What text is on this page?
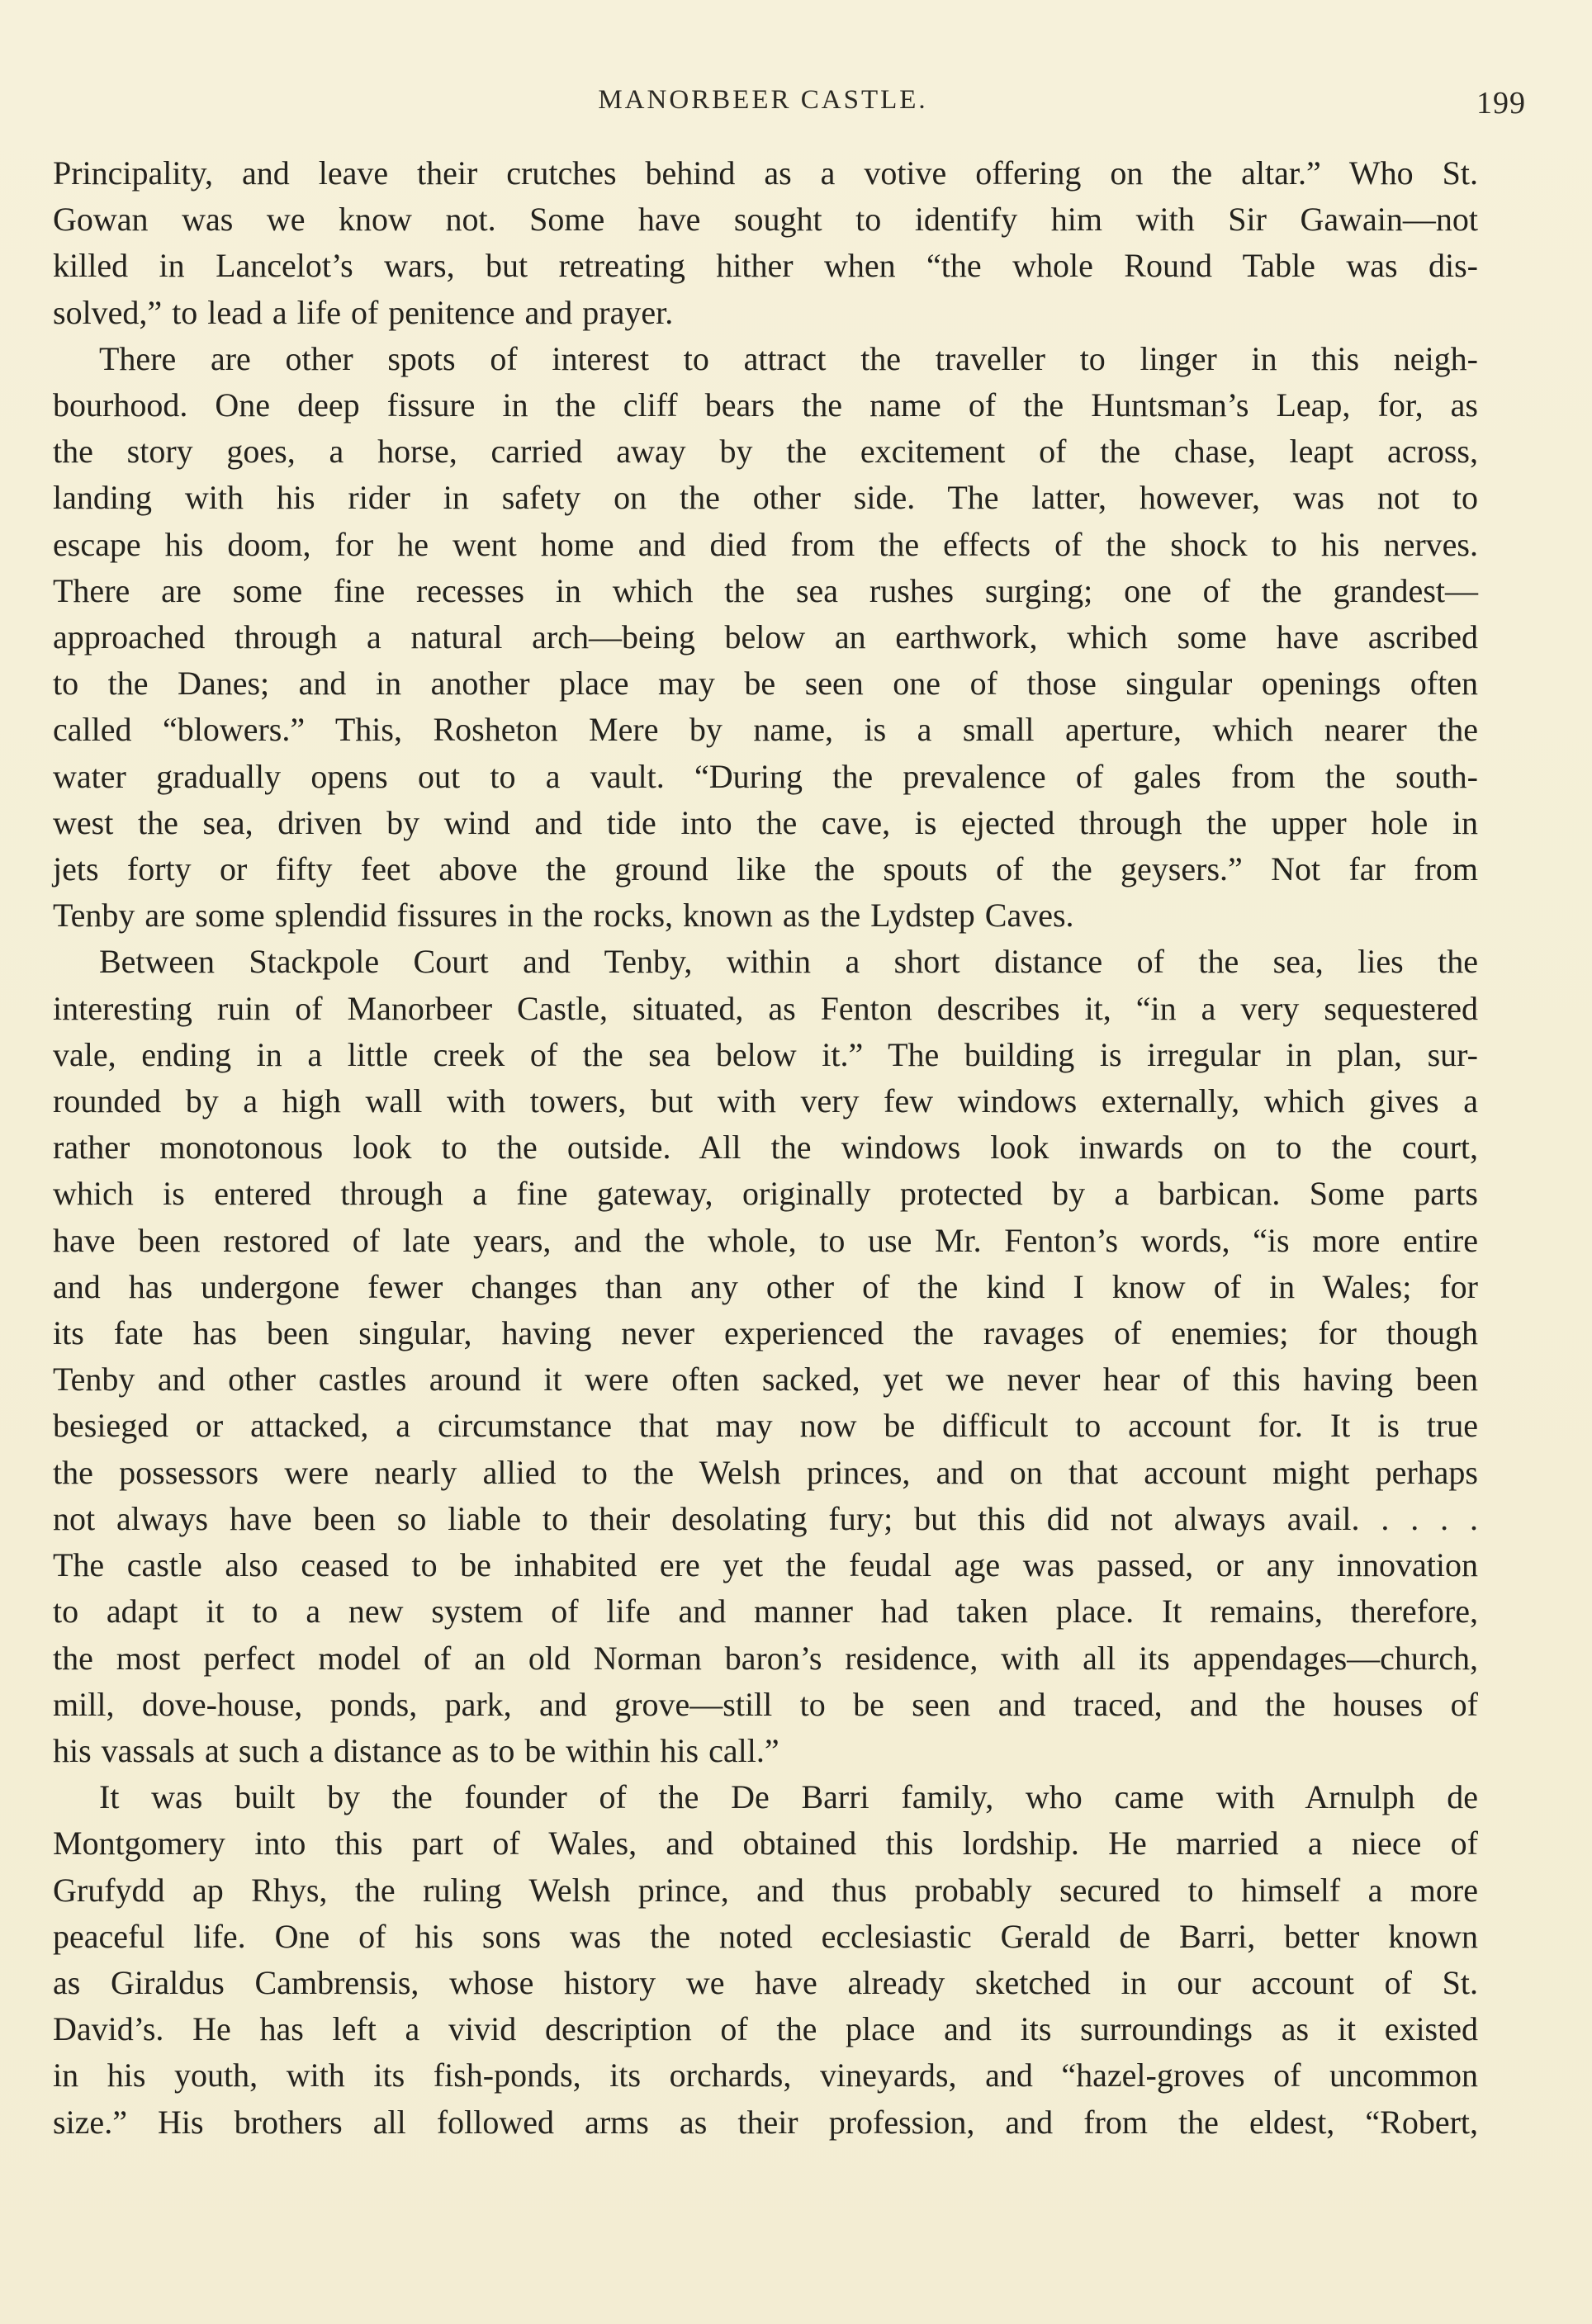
MANORBEER CASTLE.	199
Principality, and leave their crutches behind as a votive offering on the altar.” Who St.
Gowan was we know not. Some have sought to identify him with Sir Gawain—not
killed in Lancelot’s wars, but retreating hither when “the whole Round Table was dis-
solved,” to lead a life of penitence and prayer.
There are other spots of interest to attract the traveller to linger in this neigh-
bourhood. One deep fissure in the cliff bears the name of the Huntsman’s Leap, for, as
the story goes, a horse, carried away by the excitement of the chase, leapt across,
landing with his rider in safety on the other side. The latter, however, was not to
escape his doom, for he went home and died from the effects of the shock to his nerves.
There are some fine recesses in which the sea rushes surging; one of the grandest—
approached through a natural arch—being below an earthwork, which some have ascribed
to the Danes; and in another place may be seen one of those singular openings often
called “blowers.” This, Rosheton Mere by name, is a small aperture, which nearer the
water gradually opens out to a vault. “During the prevalence of gales from the south-
west the sea, driven by wind and tide into the cave, is ejected through the upper hole in
jets forty or fifty feet above the ground like the spouts of the geysers.” Not far from
Tenby are some splendid fissures in the rocks, known as the Lydstep Caves.
Between Stackpole Court and Tenby, within a short distance of the sea, lies the
interesting ruin of Manorbeer Castle, situated, as Fenton describes it, “in a very sequestered
vale, ending in a little creek of the sea below it.” The building is irregular in plan, sur-
rounded by a high wall with towers, but with very few windows externally, which gives a
rather monotonous look to the outside. All the windows look inwards on to the court,
which is entered through a fine gateway, originally protected by a barbican. Some parts
have been restored of late years, and the whole, to use Mr. Fenton’s words, “is more entire
and has undergone fewer changes than any other of the kind I know of in Wales; for
its fate has been singular, having never experienced the ravages of enemies; for though
Tenby and other castles around it were often sacked, yet we never hear of this having been
besieged or attacked, a circumstance that may now be difficult to account for. It is true
the possessors were nearly allied to the Welsh princes, and on that account might perhaps
not always have been so liable to their desolating fury; but this did not always avail. . . . .
The castle also ceased to be inhabited ere yet the feudal age was passed, or any innovation
to adapt it to a new system of life and manner had taken place. It remains, therefore,
the most perfect model of an old Norman baron’s residence, with all its appendages—church,
mill, dove-house, ponds, park, and grove—still to be seen and traced, and the houses of
his vassals at such a distance as to be within his call.”
It was built by the founder of the De Barri family, who came with Arnulph de
Montgomery into this part of Wales, and obtained this lordship. He married a niece of
Grufydd ap Rhys, the ruling Welsh prince, and thus probably secured to himself a more
peaceful life. One of his sons was the noted ecclesiastic Gerald de Barri, better known
as Giraldus Cambrensis, whose history we have already sketched in our account of St.
David’s. He has left a vivid description of the place and its surroundings as it existed
in his youth, with its fish-ponds, its orchards, vineyards, and “hazel-groves of uncommon
size.” His brothers all followed arms as their profession, and from the eldest, “Robert,
